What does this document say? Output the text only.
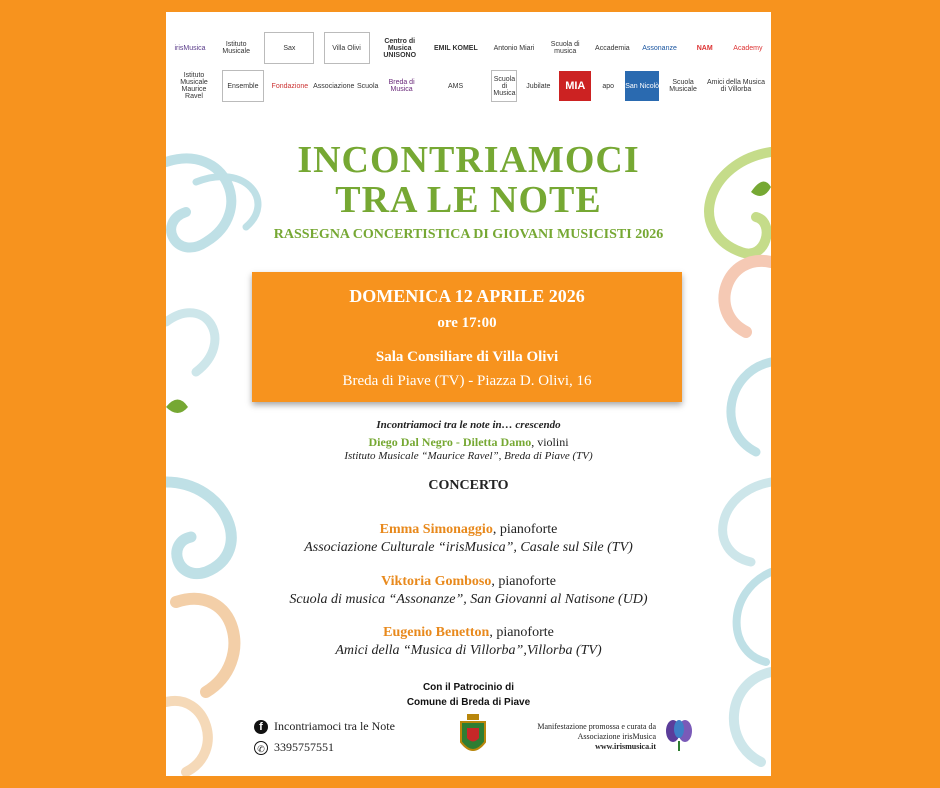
irisMusica	Istituto Musicale	Sax	Villa Olivi
Centro di Musica UNISONO
EMIL KOMEL	Antonio Miari	Scuola di musica	Accademia Assonanze	NAM	Academy
Istituto Musicale Maurice Ravel
Ensemble	Fondazione Associazione Scuola	Breda di Musica	AMS
Scuola di Musica
Jubilate	MIA	apo	San Nicolò	Scuola Musicale
Amici della Musica di Villorba
INCONTRIAMOCI
TRA LE NOTE
RASSEGNA CONCERTISTICA DI GIOVANI MUSICISTI 2026
DOMENICA 12 APRILE 2026
ore 17:00
Sala Consiliare di Villa Olivi
Breda di Piave (TV) - Piazza D. Olivi, 16
Incontriamoci tra le note in… crescendo
Diego Dal Negro - Diletta Damo, violini
Istituto Musicale “Maurice Ravel”, Breda di Piave (TV)
CONCERTO
Emma Simonaggio, pianoforte
Associazione Culturale “irisMusica”, Casale sul Sile (TV)
Viktoria Gomboso, pianoforte
Scuola di musica “Assonanze”, San Giovanni al Natisone (UD)
Eugenio Benetton, pianoforte
Amici della “Musica di Villorba”,Villorba (TV)
Con il Patrocinio di
Comune di Breda di Piave
f Incontriamoci tra le Note
✆ 3395757551
Manifestazione promossa e curata da
Associazione irisMusica
www.irismusica.it
